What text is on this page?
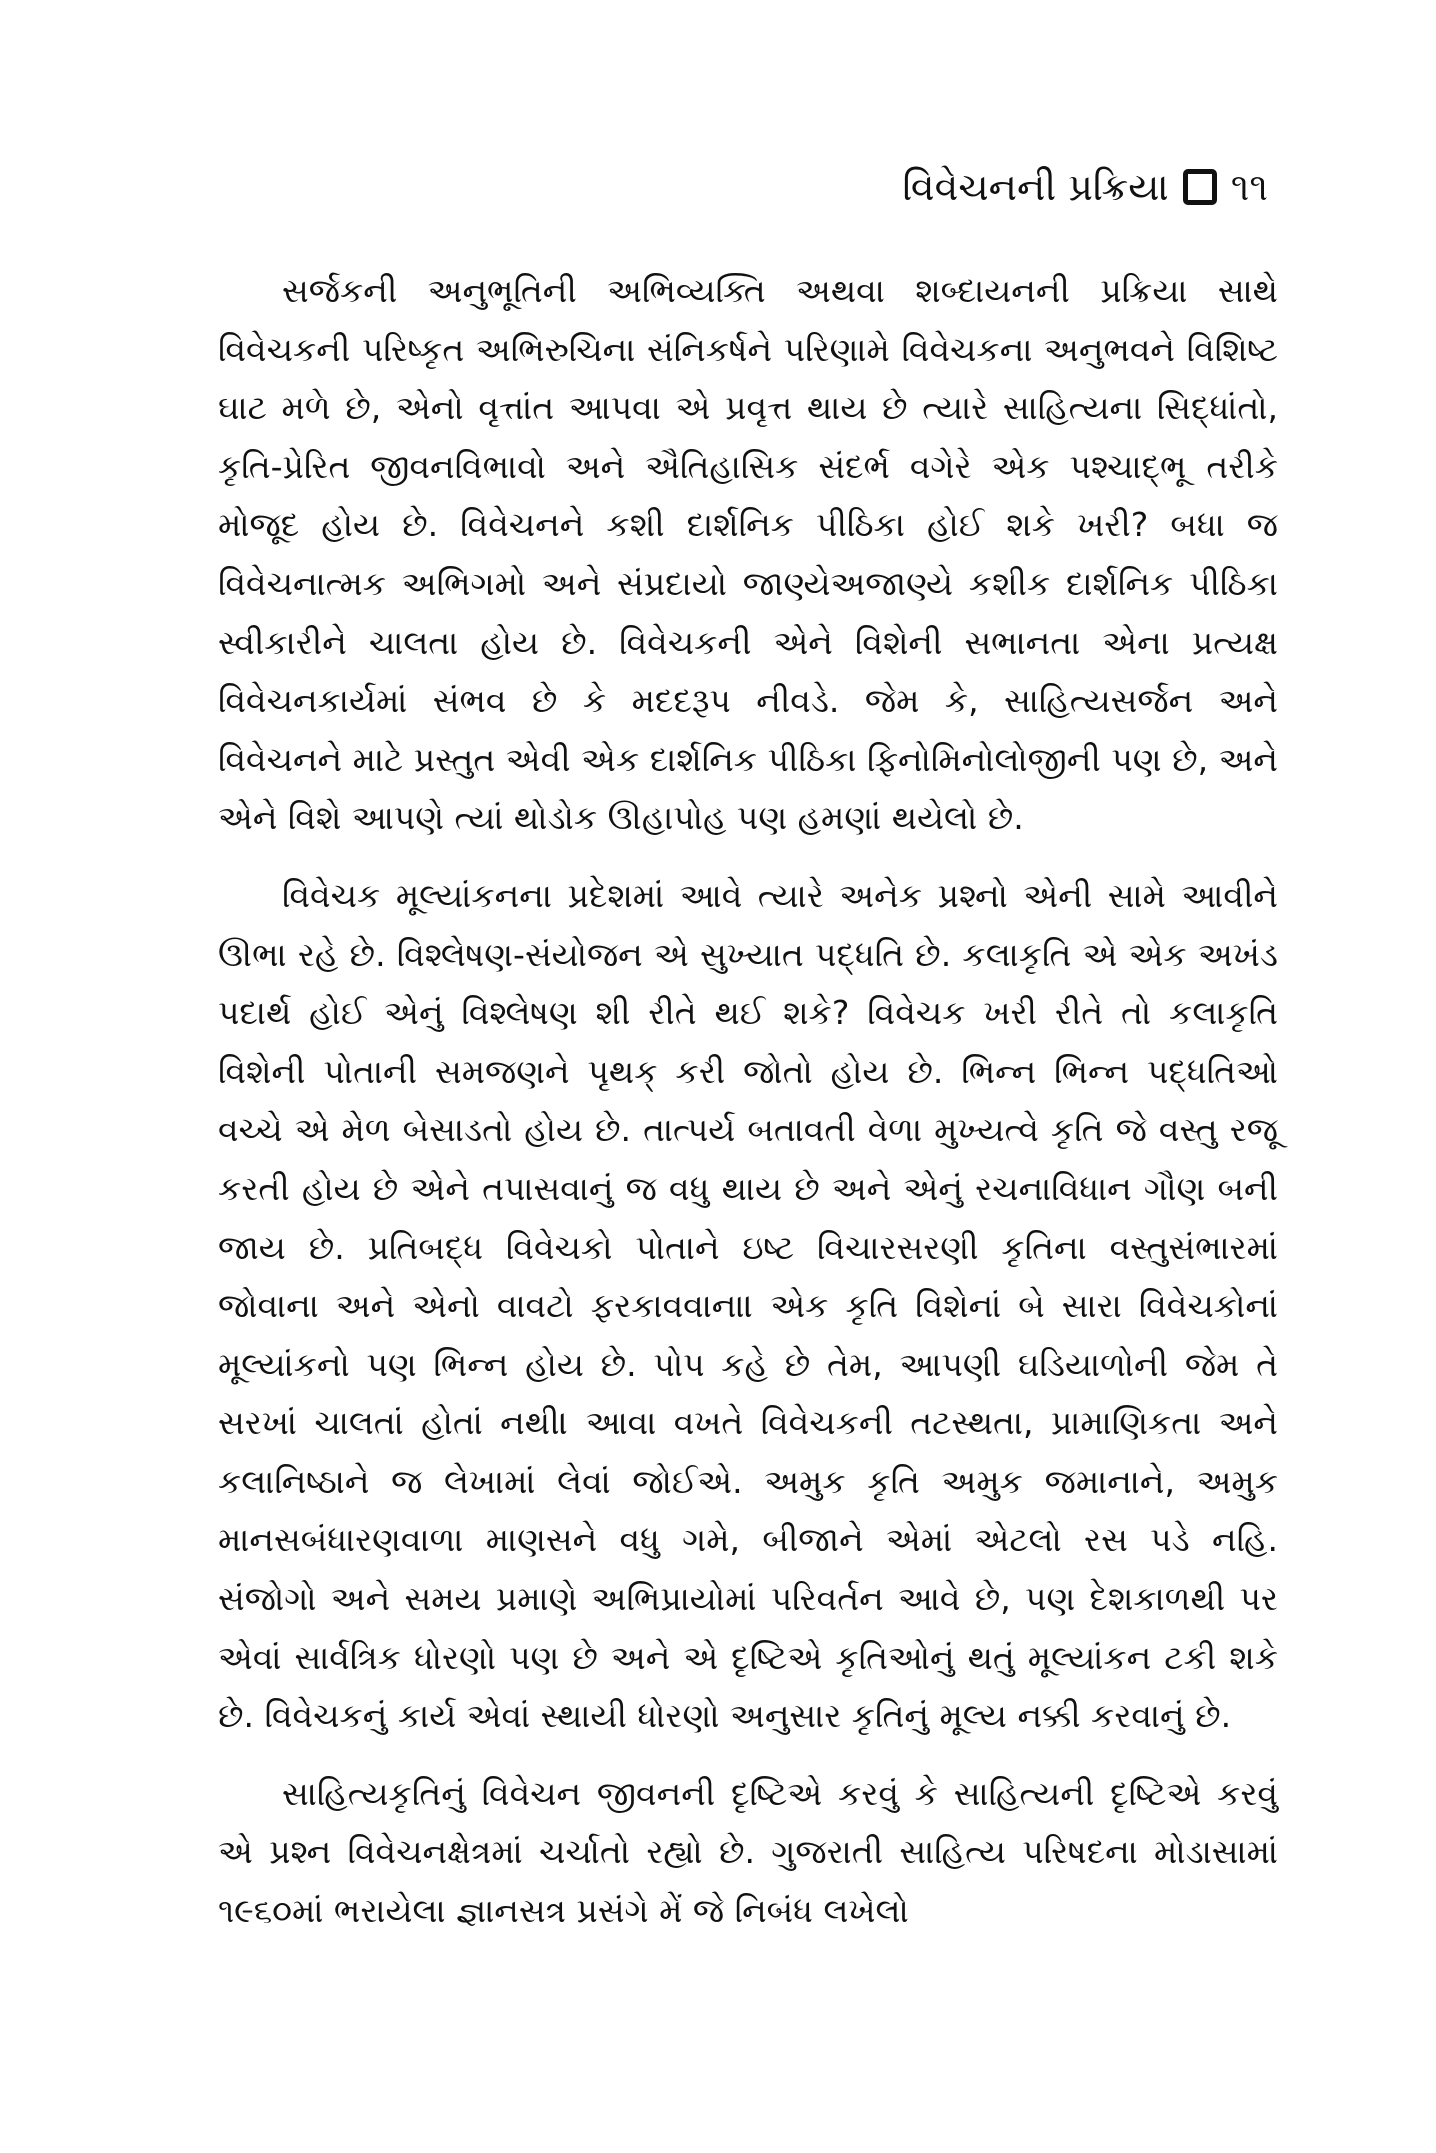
વિવેચનની પ્રક્રિયા ૧૧

સર્જકની અનુભૂતિની અભિવ્યક્તિ અથવા શબ્દાયનની પ્રક્રિયા સાથે વિવેચકની પરિષ્કૃત અભિરુચિના સંનિકર્ષને પરિણામે વિવેચકના અનુભવને વિશિષ્ટ ઘાટ મળે છે, એનો વૃત્તાંત આપવા એ પ્રવૃત્ત થાય છે ત્યારે સાહિત્યના સિદ્ધાંતો, કૃતિ-પ્રેરિત જીવનવિભાવો અને ઐતિહાસિક સંદર્ભ વગેરે એક પશ્ચાદ્ભૂ તરીકે મોજૂદ હોય છે. વિવેચનને કશી દાર્શનિક પીઠિકા હોઈ શકે ખરી? બધા જ વિવેચનાત્મક અભિગમો અને સંપ્રદાયો જાણ્યેઅજાણ્યે કશીક દાર્શનિક પીઠિકા સ્વીકારીને ચાલતા હોય છે. વિવેચકની એને વિશેની સભાનતા એના પ્રત્યક્ષ વિવેચનકાર્યમાં સંભવ છે કે મદદરૂપ નીવડે. જેમ કે, સાહિત્યસર્જન અને વિવેચનને માટે પ્રસ્તુત એવી એક દાર્શનિક પીઠિકા ફિનોમિનોલોજીની પણ છે, અને એને વિશે આપણે ત્યાં થોડોક ઊહાપોહ પણ હમણાં થયેલો છે.

વિવેચક મૂલ્યાંકનના પ્રદેશમાં આવે ત્યારે અનેક પ્રશ્નો એની સામે આવીને ઊભા રહે છે. વિશ્લેષણ-સંયોજન એ સુખ્યાત પદ્ધતિ છે. કલાકૃતિ એ એક અખંડ પદાર્થ હોઈ એનું વિશ્લેષણ શી રીતે થઈ શકે? વિવેચક ખરી રીતે તો કલાકૃતિ વિશેની પોતાની સમજણને પૃથક્ કરી જોતો હોય છે. ભિન્ન ભિન્ન પદ્ધતિઓ વચ્ચે એ મેળ બેસાડતો હોય છે. તાત્પર્ય બતાવતી વેળા મુખ્યત્વે કૃતિ જે વસ્તુ રજૂ કરતી હોય છે એને તપાસવાનું જ વધુ થાય છે અને એનું રચનાવિધાન ગૌણ બની જાય છે. પ્રતિબદ્ધ વિવેચકો પોતાને ઇષ્ટ વિચારસરણી કૃતિના વસ્તુસંભારમાં જોવાના અને એનો વાવટો ફરકાવવાના। એક કૃતિ વિશેનાં બે સારા વિવેચકોનાં મૂલ્યાંકનો પણ ભિન્ન હોય છે. પોપ કહે છે તેમ, આપણી ઘડિયાળોની જેમ તે સરખાં ચાલતાં હોતાં નથી। આવા વખતે વિવેચકની તટસ્થતા, પ્રામાણિકતા અને કલાનિષ્ઠાને જ લેખામાં લેવાં જોઈએ. અમુક કૃતિ અમુક જમાનાને, અમુક માનસબંધારણવાળા માણસને વધુ ગમે, બીજાને એમાં એટલો રસ પડે નહિ. સંજોગો અને સમય પ્રમાણે અભિપ્રાયોમાં પરિવર્તન આવે છે, પણ દેશકાળથી પર એવાં સાર્વત્રિક ધોરણો પણ છે અને એ દૃષ્ટિએ કૃતિઓનું થતું મૂલ્યાંકન ટકી શકે છે. વિવેચકનું કાર્ય એવાં સ્થાયી ધોરણો અનુસાર કૃતિનું મૂલ્ય નક્કી કરવાનું છે.

સાહિત્યકૃતિનું વિવેચન જીવનની દૃષ્ટિએ કરવું કે સાહિત્યની દૃષ્ટિએ કરવું એ પ્રશ્ન વિવેચનક્ષેત્રમાં ચર્ચાતો રહ્યો છે. ગુજરાતી સાહિત્ય પરિષદના મોડાસામાં ૧૯૬૦માં ભરાયેલા જ્ઞાનસત્ર પ્રસંગે મેં જે નિબંધ લખેલો
